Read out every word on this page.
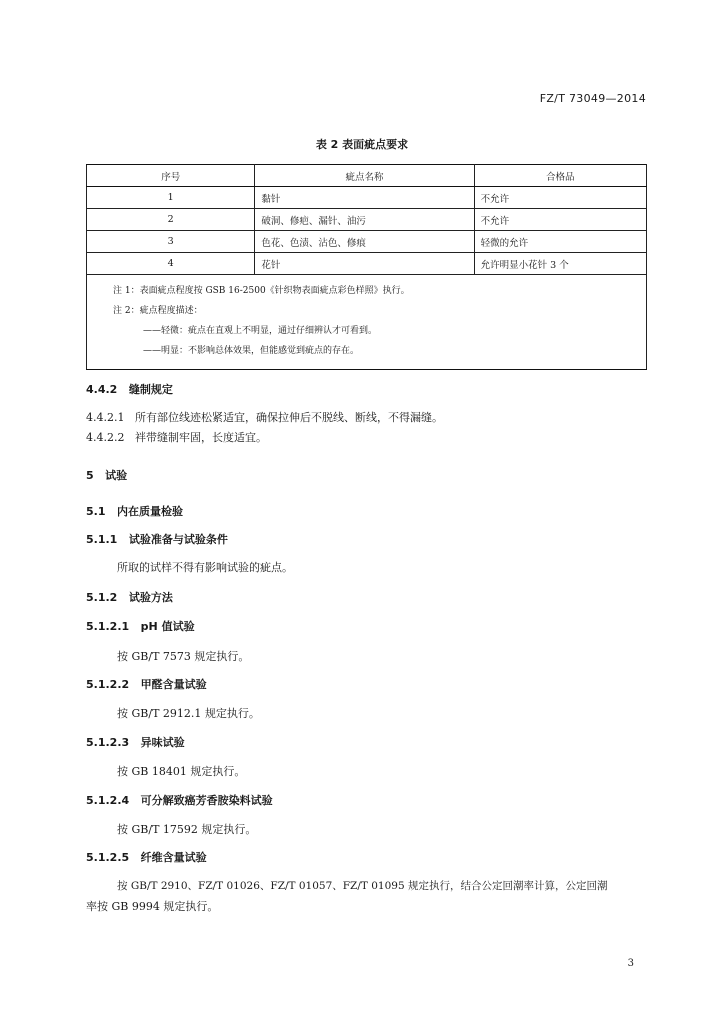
FZ/T 73049—2014
表 2 表面疵点要求
序号	疵点名称	合格品
1	黏针	不允许
2	破洞、修疤、漏针、油污	不允许
3	色花、色渍、沾色、修痕	轻微的允许
4	花针	允许明显小花针 3 个

注 1：表面疵点程度按 GSB 16-2500《针织物表面疵点彩色样照》执行。
注 2：疵点程度描述：
——轻微：疵点在直观上不明显，通过仔细辨认才可看到。
——明显：不影响总体效果，但能感觉到疵点的存在。		
4.4.2 缝制规定
4.4.2.1 所有部位线迹松紧适宜，确保拉伸后不脱线、断线，不得漏缝。
4.4.2.2 袢带缝制牢固，长度适宜。
5 试验
5.1 内在质量检验
5.1.1 试验准备与试验条件
所取的试样不得有影响试验的疵点。
5.1.2 试验方法
5.1.2.1 pH 值试验
按 GB/T 7573 规定执行。
5.1.2.2 甲醛含量试验
按 GB/T 2912.1 规定执行。
5.1.2.3 异味试验
按 GB 18401 规定执行。
5.1.2.4 可分解致癌芳香胺染料试验
按 GB/T 17592 规定执行。
5.1.2.5 纤维含量试验
按 GB/T 2910、FZ/T 01026、FZ/T 01057、FZ/T 01095 规定执行，结合公定回潮率计算，公定回潮
率按 GB 9994 规定执行。
3
